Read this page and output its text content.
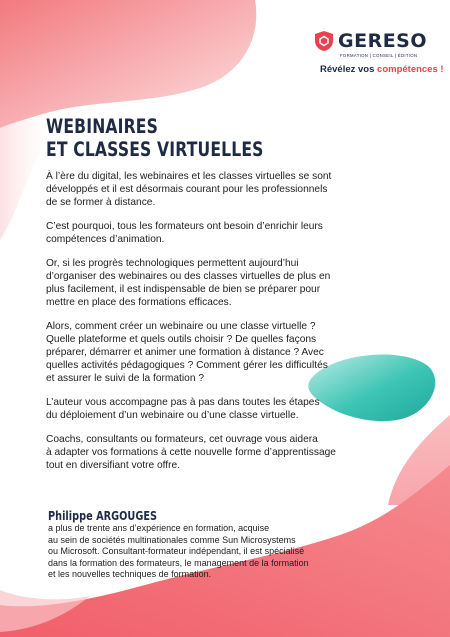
GERESO
FORMATION | CONSEIL | ÉDITION
Révélez vos compétences !
WEBINAIRES
ET CLASSES VIRTUELLES

À l’ère du digital, les webinaires et les classes virtuelles se sont
développés et il est désormais courant pour les professionnels
de se former à distance.

C’est pourquoi, tous les formateurs ont besoin d’enrichir leurs
compétences d’animation.

Or, si les progrès technologiques permettent aujourd’hui
d’organiser des webinaires ou des classes virtuelles de plus en
plus facilement, il est indispensable de bien se préparer pour
mettre en place des formations efficaces.

Alors, comment créer un webinaire ou une classe virtuelle ?
Quelle plateforme et quels outils choisir ? De quelles façons
préparer, démarrer et animer une formation à distance ? Avec
quelles activités pédagogiques ? Comment gérer les difficultés
et assurer le suivi de la formation ?

L’auteur vous accompagne pas à pas dans toutes les étapes
du déploiement d’un webinaire ou d’une classe virtuelle.

Coachs, consultants ou formateurs, cet ouvrage vous aidera
à adapter vos formations à cette nouvelle forme d’apprentissage
tout en diversifiant votre offre.

Philippe ARGOUGES

a plus de trente ans d’expérience en formation, acquise
au sein de sociétés multinationales comme Sun Microsystems
ou Microsoft. Consultant-formateur indépendant, il est spécialisé
dans la formation des formateurs, le management de la formation
et les nouvelles techniques de formation.
